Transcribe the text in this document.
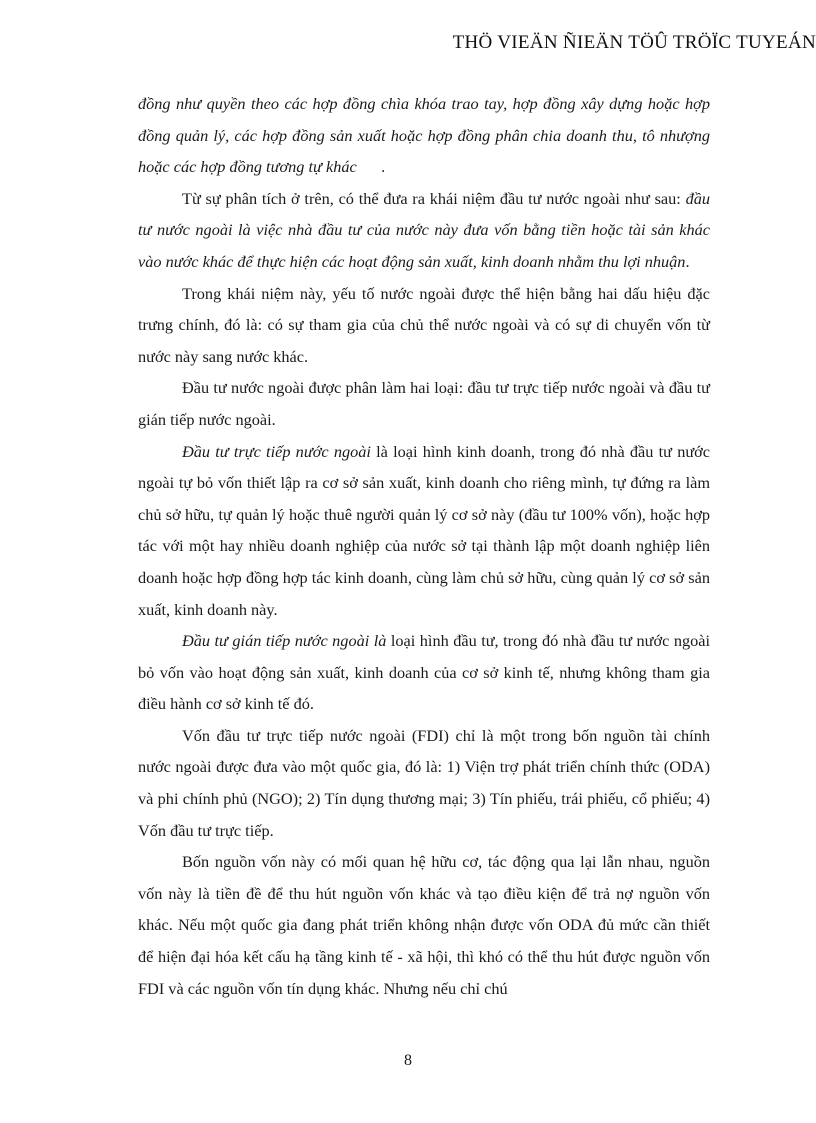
THÖ VIEÄN ÑIEÄN TÖÛ TRÖÏC TUYEÁN

đồng như quyền theo các hợp đồng chìa khóa trao tay, hợp đồng xây dựng hoặc hợp đồng quản lý, các hợp đồng sản xuất hoặc hợp đồng phân chia doanh thu, tô nhượng hoặc các hợp đồng tương tự khác      .

Từ sự phân tích ở trên, có thể đưa ra khái niệm đầu tư nước ngoài như sau: đầu tư nước ngoài là việc nhà đầu tư của nước này đưa vốn bằng tiền hoặc tài sản khác vào nước khác để thực hiện các hoạt động sản xuất, kinh doanh nhằm thu lợi nhuận.

Trong khái niệm này, yếu tố nước ngoài được thể hiện bằng hai dấu hiệu đặc trưng chính, đó là: có sự tham gia của chủ thể nước ngoài và có sự di chuyển vốn từ nước này sang nước khác.

Đầu tư nước ngoài được phân làm hai loại: đầu tư trực tiếp nước ngoài và đầu tư gián tiếp nước ngoài.

Đầu tư trực tiếp nước ngoài là loại hình kinh doanh, trong đó nhà đầu tư nước ngoài tự bỏ vốn thiết lập ra cơ sở sản xuất, kinh doanh cho riêng mình, tự đứng ra làm chủ sở hữu, tự quản lý hoặc thuê người quản lý cơ sở này (đầu tư 100% vốn), hoặc hợp tác với một hay nhiều doanh nghiệp của nước sở tại thành lập một doanh nghiệp liên doanh hoặc hợp đồng hợp tác kinh doanh, cùng làm chủ sở hữu, cùng quản lý cơ sở sản xuất, kinh doanh này.

Đầu tư gián tiếp nước ngoài là loại hình đầu tư, trong đó nhà đầu tư nước ngoài bỏ vốn vào hoạt động sản xuất, kinh doanh của cơ sở kinh tế, nhưng không tham gia điều hành cơ sở kinh tế đó.

Vốn đầu tư trực tiếp nước ngoài (FDI) chỉ là một trong bốn nguồn tài chính nước ngoài được đưa vào một quốc gia, đó là: 1) Viện trợ phát triển chính thức (ODA) và phi chính phủ (NGO); 2) Tín dụng thương mại; 3) Tín phiếu, trái phiếu, cổ phiếu; 4) Vốn đầu tư trực tiếp.

Bốn nguồn vốn này có mối quan hệ hữu cơ, tác động qua lại lẫn nhau, nguồn vốn này là tiền đề để thu hút nguồn vốn khác và tạo điều kiện để trả nợ nguồn vốn khác. Nếu một quốc gia đang phát triển không nhận được vốn ODA đủ mức cần thiết để hiện đại hóa kết cấu hạ tầng kinh tế - xã hội, thì khó có thể thu hút được nguồn vốn FDI và các nguồn vốn tín dụng khác. Nhưng nếu chỉ chú

8
